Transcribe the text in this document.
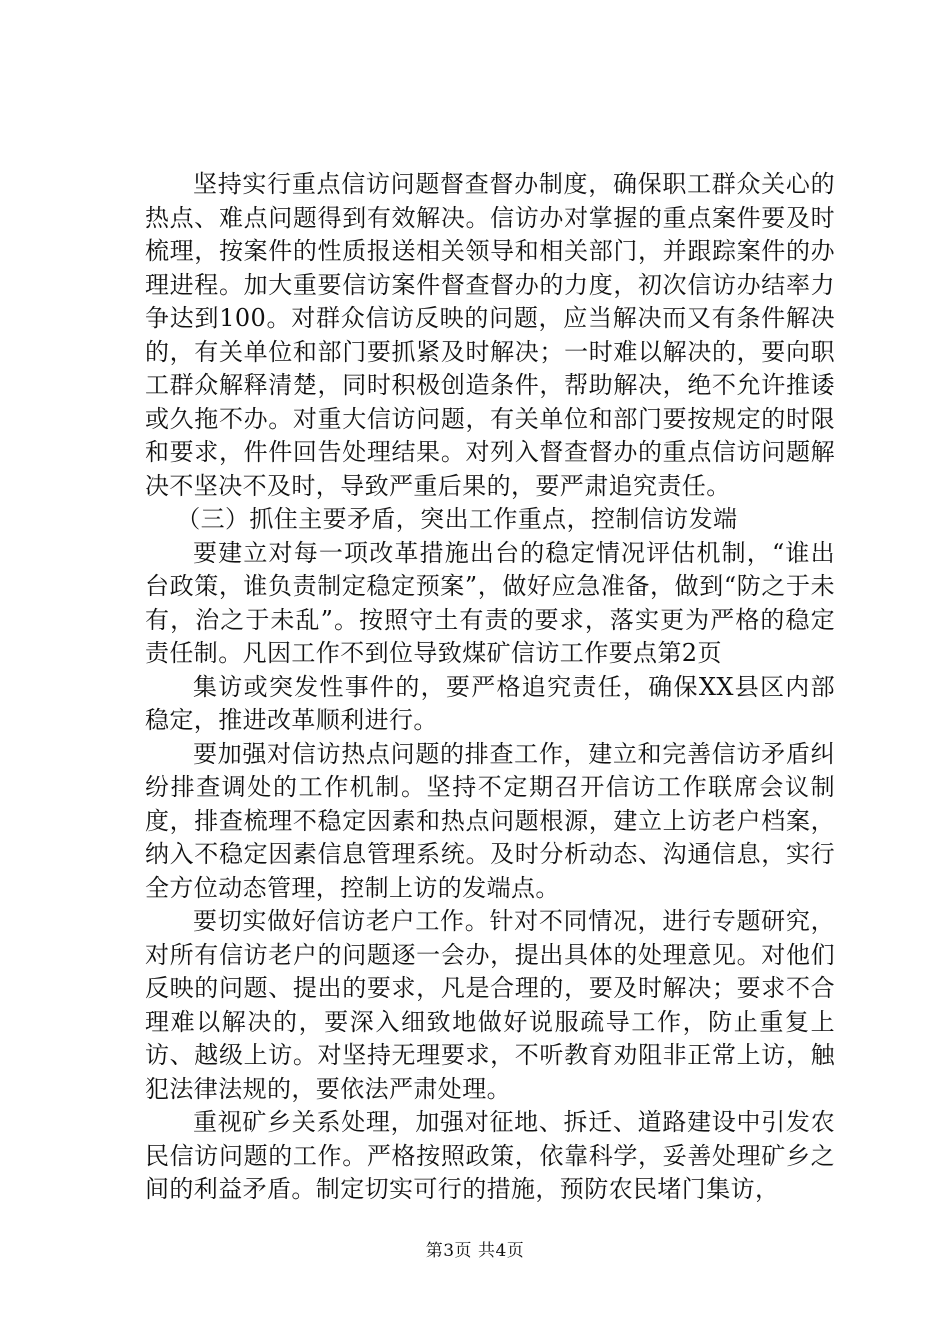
坚持实行重点信访问题督查督办制度，确保职工群众关心的热点、难点问题得到有效解决。信访办对掌握的重点案件要及时梳理，按案件的性质报送相关领导和相关部门，并跟踪案件的办理进程。加大重要信访案件督查督办的力度，初次信访办结率力争达到100。对群众信访反映的问题，应当解决而又有条件解决的，有关单位和部门要抓紧及时解决；一时难以解决的，要向职工群众解释清楚，同时积极创造条件，帮助解决，绝不允许推诿或久拖不办。对重大信访问题，有关单位和部门要按规定的时限和要求，件件回告处理结果。对列入督查督办的重点信访问题解决不坚决不及时，导致严重后果的，要严肃追究责任。

（三）抓住主要矛盾，突出工作重点，控制信访发端

要建立对每一项改革措施出台的稳定情况评估机制，“谁出台政策，谁负责制定稳定预案”，做好应急准备，做到“防之于未有，治之于未乱”。按照守土有责的要求，落实更为严格的稳定责任制。凡因工作不到位导致煤矿信访工作要点第2页

集访或突发性事件的，要严格追究责任，确保XX县区内部稳定，推进改革顺利进行。

要加强对信访热点问题的排查工作，建立和完善信访矛盾纠纷排查调处的工作机制。坚持不定期召开信访工作联席会议制度，排查梳理不稳定因素和热点问题根源，建立上访老户档案，纳入不稳定因素信息管理系统。及时分析动态、沟通信息，实行全方位动态管理，控制上访的发端点。

要切实做好信访老户工作。针对不同情况，进行专题研究，对所有信访老户的问题逐一会办，提出具体的处理意见。对他们反映的问题、提出的要求，凡是合理的，要及时解决；要求不合理难以解决的，要深入细致地做好说服疏导工作，防止重复上访、越级上访。对坚持无理要求，不听教育劝阻非正常上访，触犯法律法规的，要依法严肃处理。

重视矿乡关系处理，加强对征地、拆迁、道路建设中引发农民信访问题的工作。严格按照政策，依靠科学，妥善处理矿乡之间的利益矛盾。制定切实可行的措施，预防农民堵门集访，

第3页 共4页
